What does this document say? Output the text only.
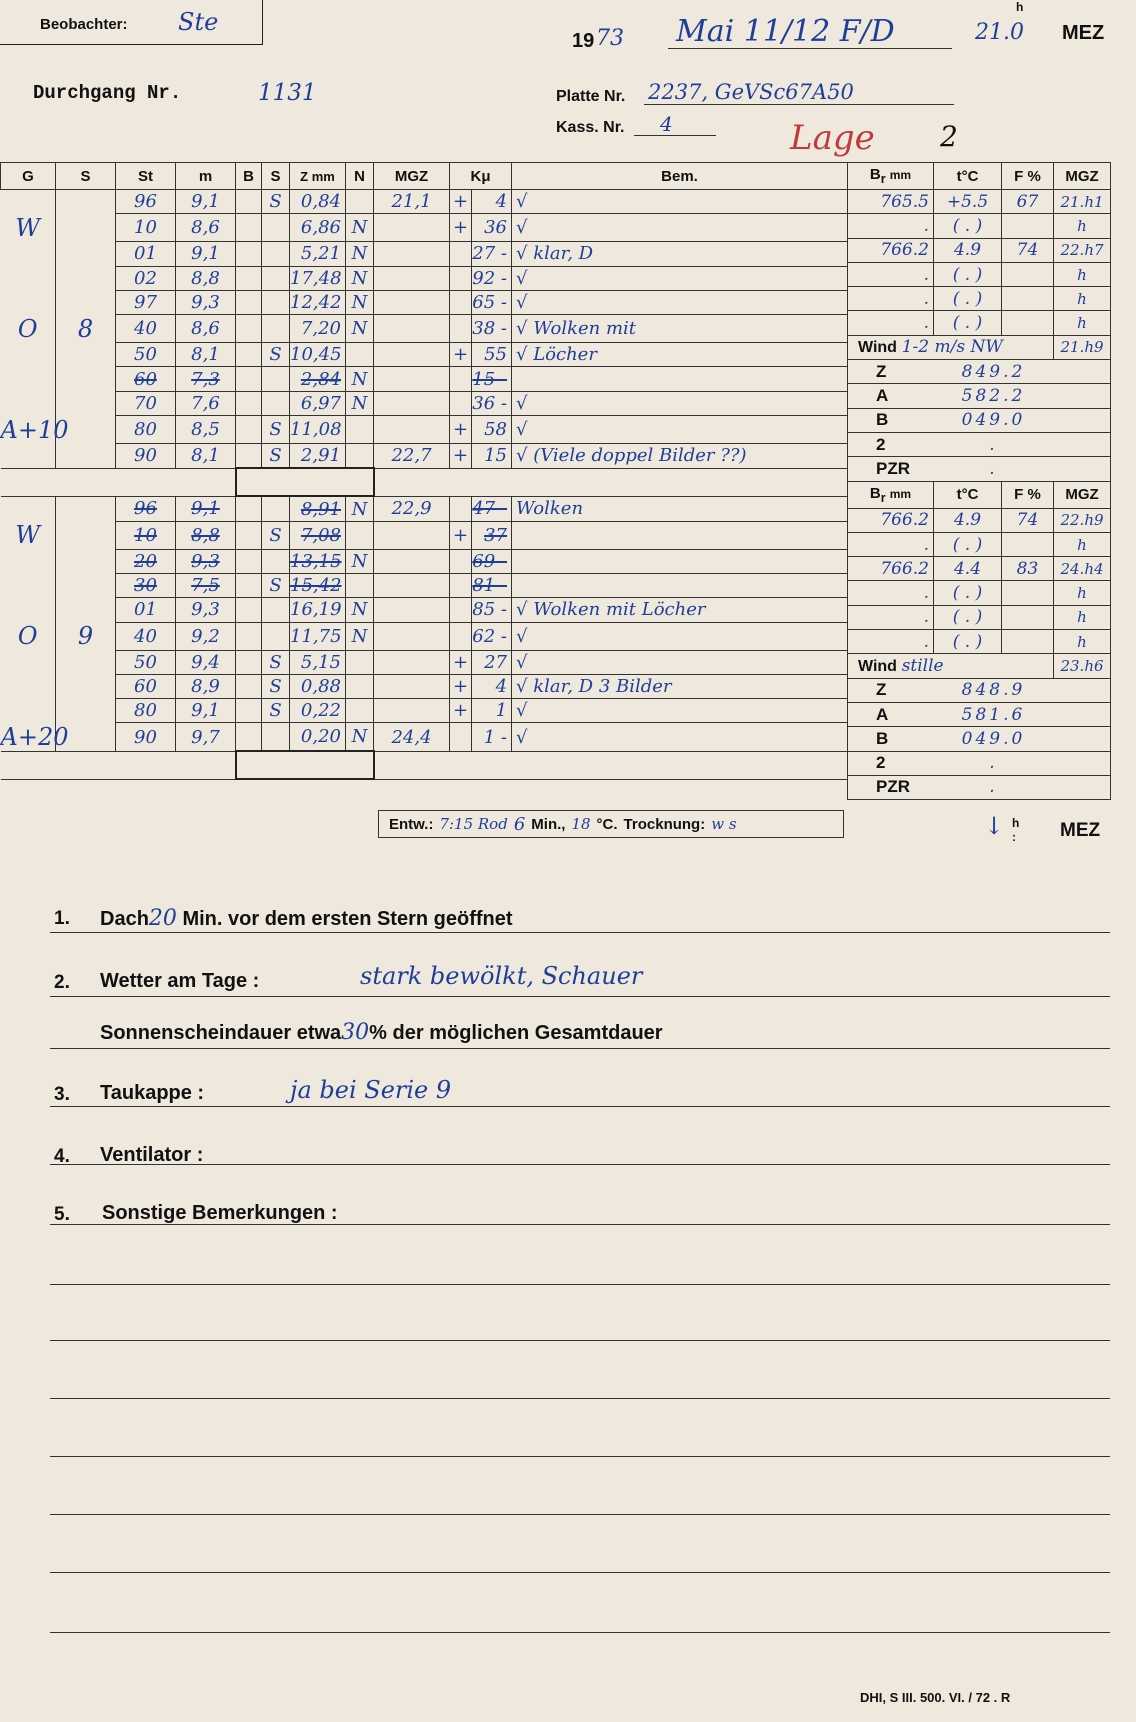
Beobachter: Ste
19 73 Mai 11/12 F/D
h
21.0 MEZ
Durchgang Nr.	1131	Platte Nr. 2237, GeVSc67A50
Kass. Nr. 4	Lage 2
G	S	St	m	B	S	Z mm	N	MGZ	Kμ		Bem.
		96	9,1		S	0,84		21,1	+	4	√
W		10	8,6			6,86	N		+	36	√
		01	9,1			5,21	N			27 -	√ klar, D
		02	8,8			17,48	N			92 -	√
		97	9,3			12,42	N			65 -	√
O	8	40	8,6			7,20	N			38 -	√ Wolken mit
		50	8,1		S	10,45			+	55	√ Löcher
		60	7,3			2,84	N			15 -	
		70	7,6			6,97	N			36 -	√
A+10		80	8,5		S	11,08			+	58	√
		90	8,1		S	2,91		22,7	+	15	√ (Viele doppel Bilder ??)

		96	9,1			8,91	N	22,9		47 -	Wolken
W		10	8,8		S	7,08			+	37	
		20	9,3			13,15	N			69 -	
		30	7,5		S	15,42				81 -	
		01	9,3			16,19	N			85 -	√ Wolken mit Löcher
O	9	40	9,2			11,75	N			62 -	√
		50	9,4		S	5,15			+	27	√
		60	8,9		S	0,88			+	4	√ klar, D 3 Bilder
		80	9,1		S	0,22			+	1	√
A+20		90	9,7			0,20	N	24,4		1 -	√

$B_r$ mm	t°C	F %	MGZ
765.5	+5.5	67	21.h1
.	( . )		h
766.2	4.9	74	22.h7
.	( . )		h
.	( . )		h
.	( . )		h
Wind 1-2 m/s NW			21.h9
Z	849.2		
A	582.2		
B	049.0		
2	.		
PZR	.		
$B_r$ mm	t°C	F %	MGZ
766.2	4.9	74	22.h9
.	( . )		h
766.2	4.4	83	24.h4
.	( . )		h
.	( . )		h
.	( . )		h
Wind stille			23.h6
Z	848.9		
A	581.6		
B	049.0		
2	.		
PZR	.		
Entw.: 7:15 Rod 6 Min., 18 °C. Trocknung: w s	↓ h
: MEZ
1. Dach20 Min. vor dem ersten Stern geöffnet
2. Wetter am Tage :	stark bewölkt, Schauer
Sonnenscheindauer etwa30% der möglichen Gesamtdauer
3. Taukappe :	ja bei Serie 9
4. Ventilator :
5. Sonstige Bemerkungen :
DHI, S III. 500. VI. / 72 . R
